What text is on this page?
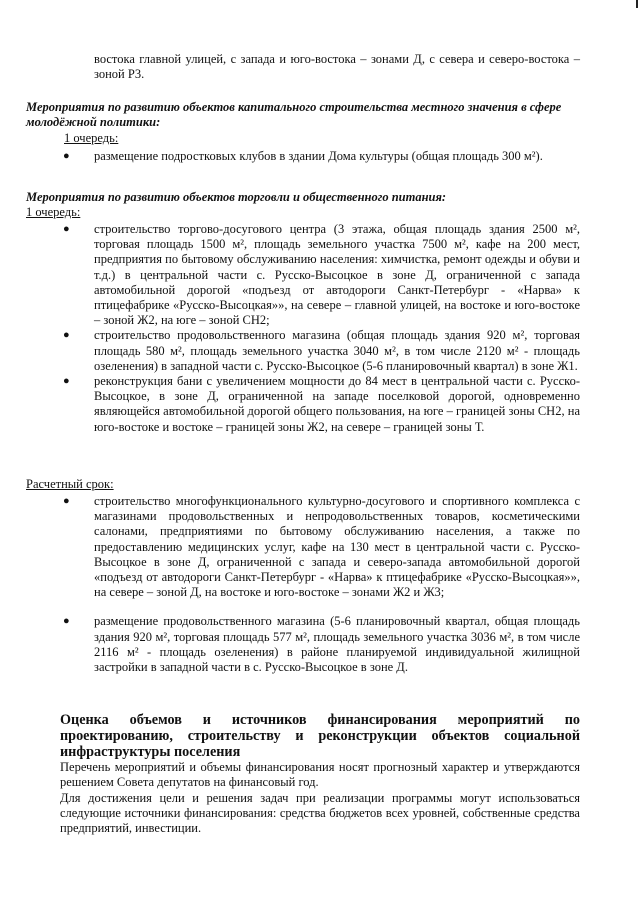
востока главной улицей, с запада и юго-востока – зонами Д, с севера и северо-востока – зоной Р3.
Мероприятия по развитию объектов капитального строительства местного значения в сфере молодёжной политики:
1 очередь:
● размещение подростковых клубов в здании Дома культуры (общая площадь 300 м²).
Мероприятия по развитию объектов торговли и общественного питания:
1 очередь:
● строительство торгово-досугового центра (3 этажа, общая площадь здания 2500 м², торговая площадь 1500 м², площадь земельного участка 7500 м², кафе на 200 мест, предприятия по бытовому обслуживанию населения: химчистка, ремонт одежды и обуви и т.д.) в центральной части с. Русско-Высоцкое в зоне Д, ограниченной с запада автомобильной дорогой «подъезд от автодороги Санкт-Петербург - «Нарва» к птицефабрике «Русско-Высоцкая»», на севере – главной улицей, на востоке и юго-востоке – зоной Ж2, на юге – зоной СН2;
● строительство продовольственного магазина (общая площадь здания 920 м², торговая площадь 580 м², площадь земельного участка 3040 м², в том числе 2120 м² - площадь озеленения) в западной части с. Русско-Высоцкое (5-6 планировочный квартал) в зоне Ж1.
● реконструкция бани с увеличением мощности до 84 мест в центральной части с. Русско-Высоцкое, в зоне Д, ограниченной на западе поселковой дорогой, одновременно являющейся автомобильной дорогой общего пользования, на юге – границей зоны СН2, на юго-востоке и востоке – границей зоны Ж2, на севере – границей зоны Т.
Расчетный срок:
● строительство многофункционального культурно-досугового и спортивного комплекса с магазинами продовольственных и непродовольственных товаров, косметическими салонами, предприятиями по бытовому обслуживанию населения, а также по предоставлению медицинских услуг, кафе на 130 мест в центральной части с. Русско-Высоцкое в зоне Д, ограниченной с запада и северо-запада автомобильной дорогой «подъезд от автодороги Санкт-Петербург - «Нарва» к птицефабрике «Русско-Высоцкая»», на севере – зоной Д, на востоке и юго-востоке – зонами Ж2 и Ж3;
● размещение продовольственного магазина (5-6 планировочный квартал, общая площадь здания 920 м², торговая площадь 577 м², площадь земельного участка 3036 м², в том числе 2116 м² - площадь озеленения) в районе планируемой индивидуальной жилищной застройки в западной части в с. Русско-Высоцкое в зоне Д.
Оценка объемов и источников финансирования мероприятий по проектированию, строительству и реконструкции объектов социальной инфраструктуры поселения
Перечень мероприятий и объемы финансирования носят прогнозный характер и утверждаются решением Совета депутатов на финансовый год.
Для достижения цели и решения задач при реализации программы могут использоваться следующие источники финансирования: средства бюджетов всех уровней, собственные средства предприятий, инвестиции.
